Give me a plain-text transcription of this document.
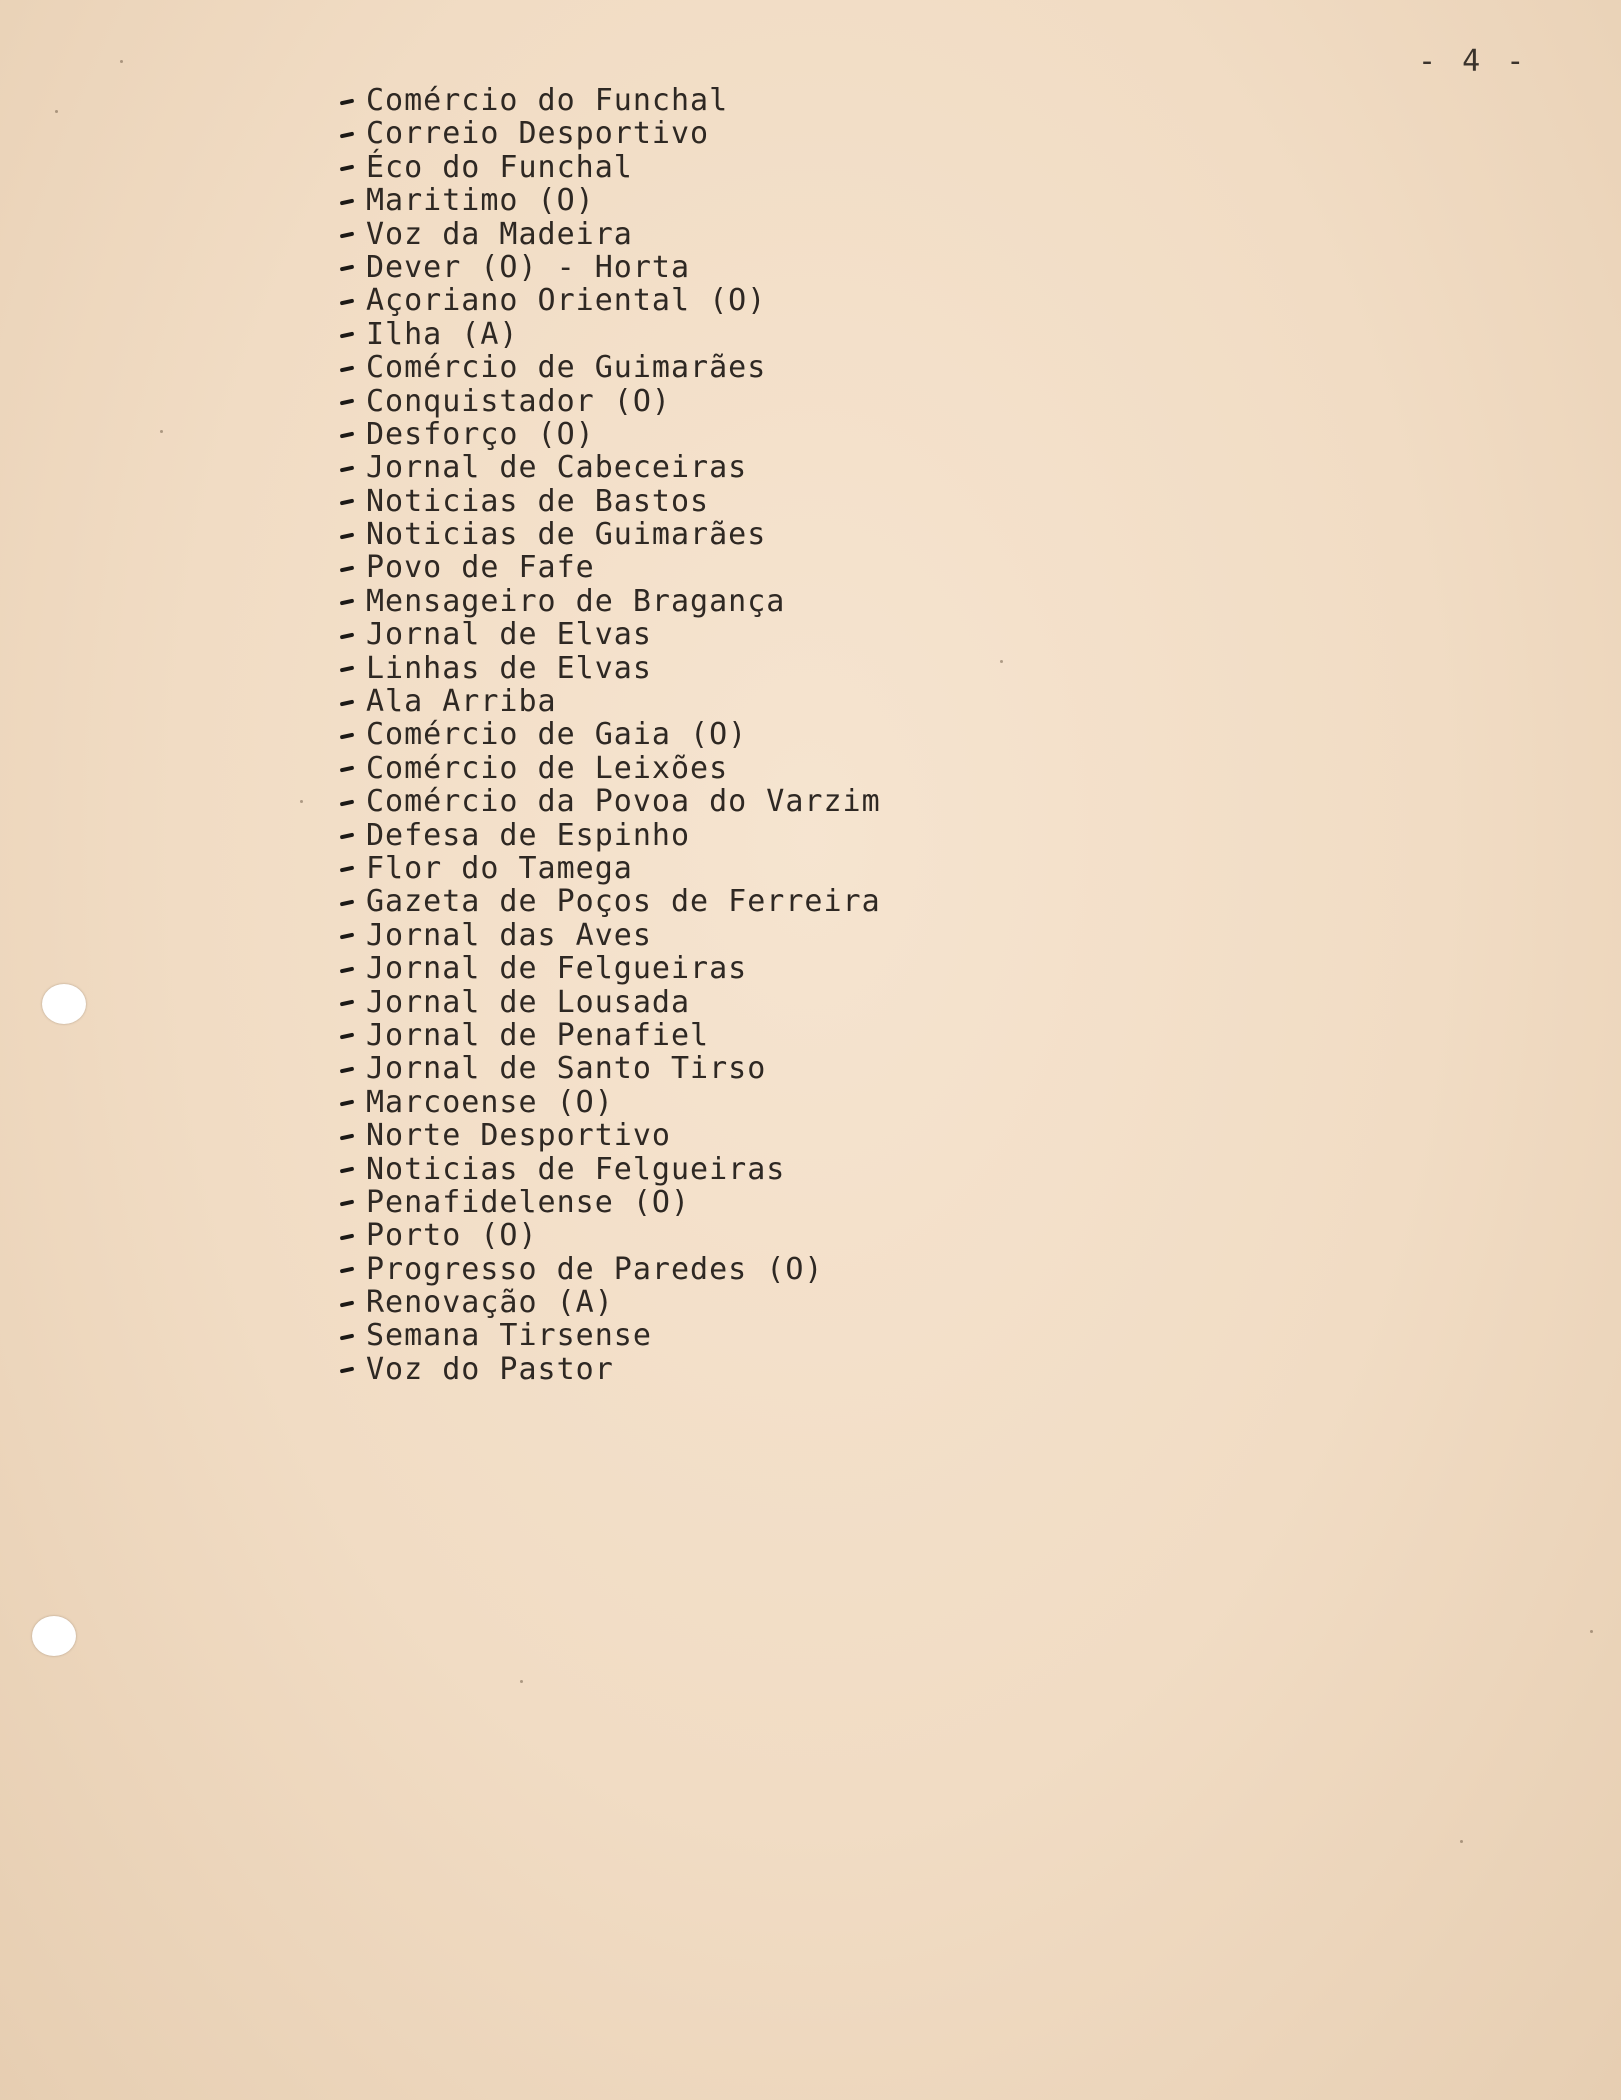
- 4 -
Comércio do Funchal
Correio Desportivo
Éco do Funchal
Maritimo (O)
Voz da Madeira
Dever (O) - Horta
Açoriano Oriental (O)
Ilha (A)
Comércio de Guimarães
Conquistador (O)
Desforço (O)
Jornal de Cabeceiras
Noticias de Bastos
Noticias de Guimarães
Povo de Fafe
Mensageiro de Bragança
Jornal de Elvas
Linhas de Elvas
Ala Arriba
Comércio de Gaia (O)
Comércio de Leixões
Comércio da Povoa do Varzim
Defesa de Espinho
Flor do Tamega
Gazeta de Poços de Ferreira
Jornal das Aves
Jornal de Felgueiras
Jornal de Lousada
Jornal de Penafiel
Jornal de Santo Tirso
Marcoense (O)
Norte Desportivo
Noticias de Felgueiras
Penafidelense (O)
Porto (O)
Progresso de Paredes (O)
Renovação (A)
Semana Tirsense
Voz do Pastor
